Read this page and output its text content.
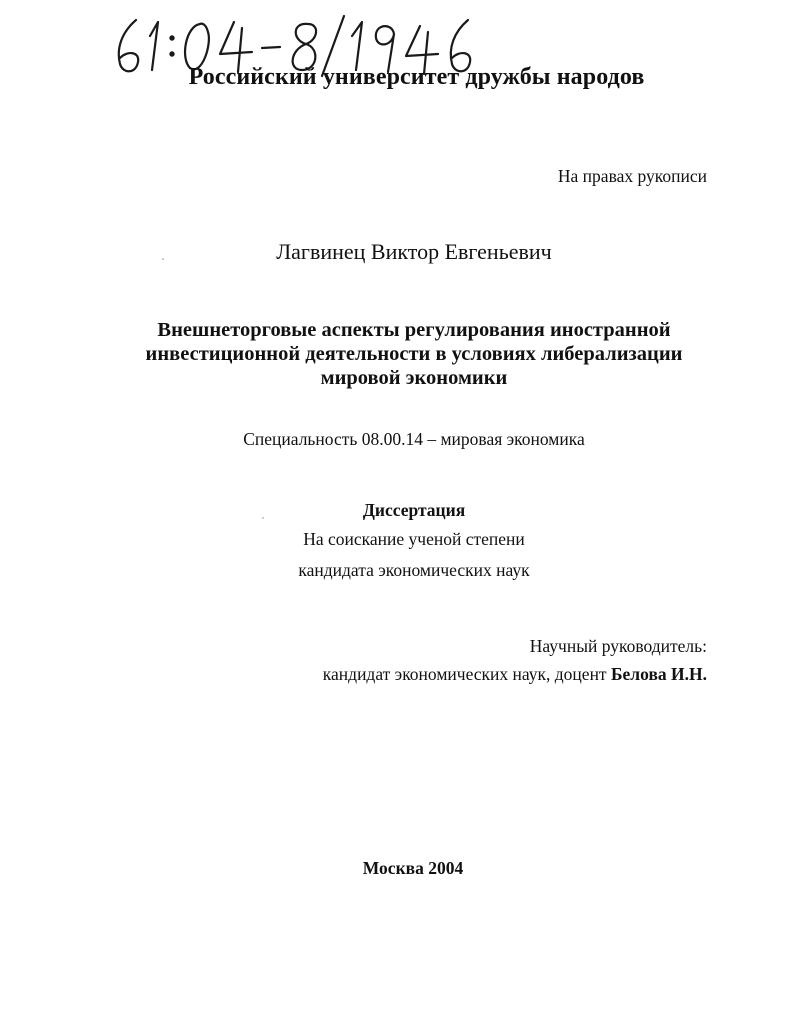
Российский университет дружбы народов
На правах рукописи
Лагвинец Виктор Евгеньевич
Внешнеторговые аспекты регулирования иностранной
инвестиционной деятельности в условиях либерализации
мировой экономики
Специальность 08.00.14 – мировая экономика
Диссертация
На соискание ученой степени
кандидата экономических наук
Научный руководитель:
кандидат экономических наук, доцент Белова И.Н.
Москва 2004
